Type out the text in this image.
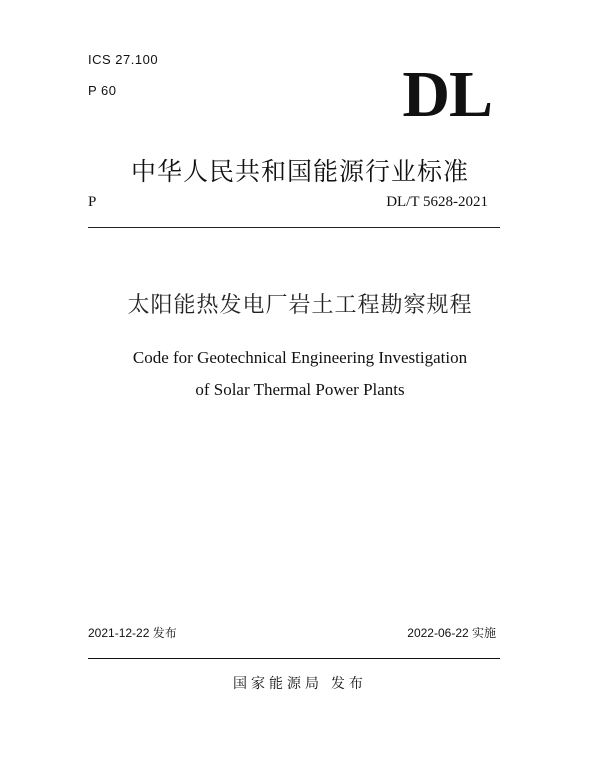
ICS 27.100
P 60	DL
中华人民共和国能源行业标准
P	DL/T 5628-2021
太阳能热发电厂岩土工程勘察规程
Code for Geotechnical Engineering Investigation
of Solar Thermal Power Plants
2021-12-22 发布	2022-06-22 实施
国家能源局 发布
